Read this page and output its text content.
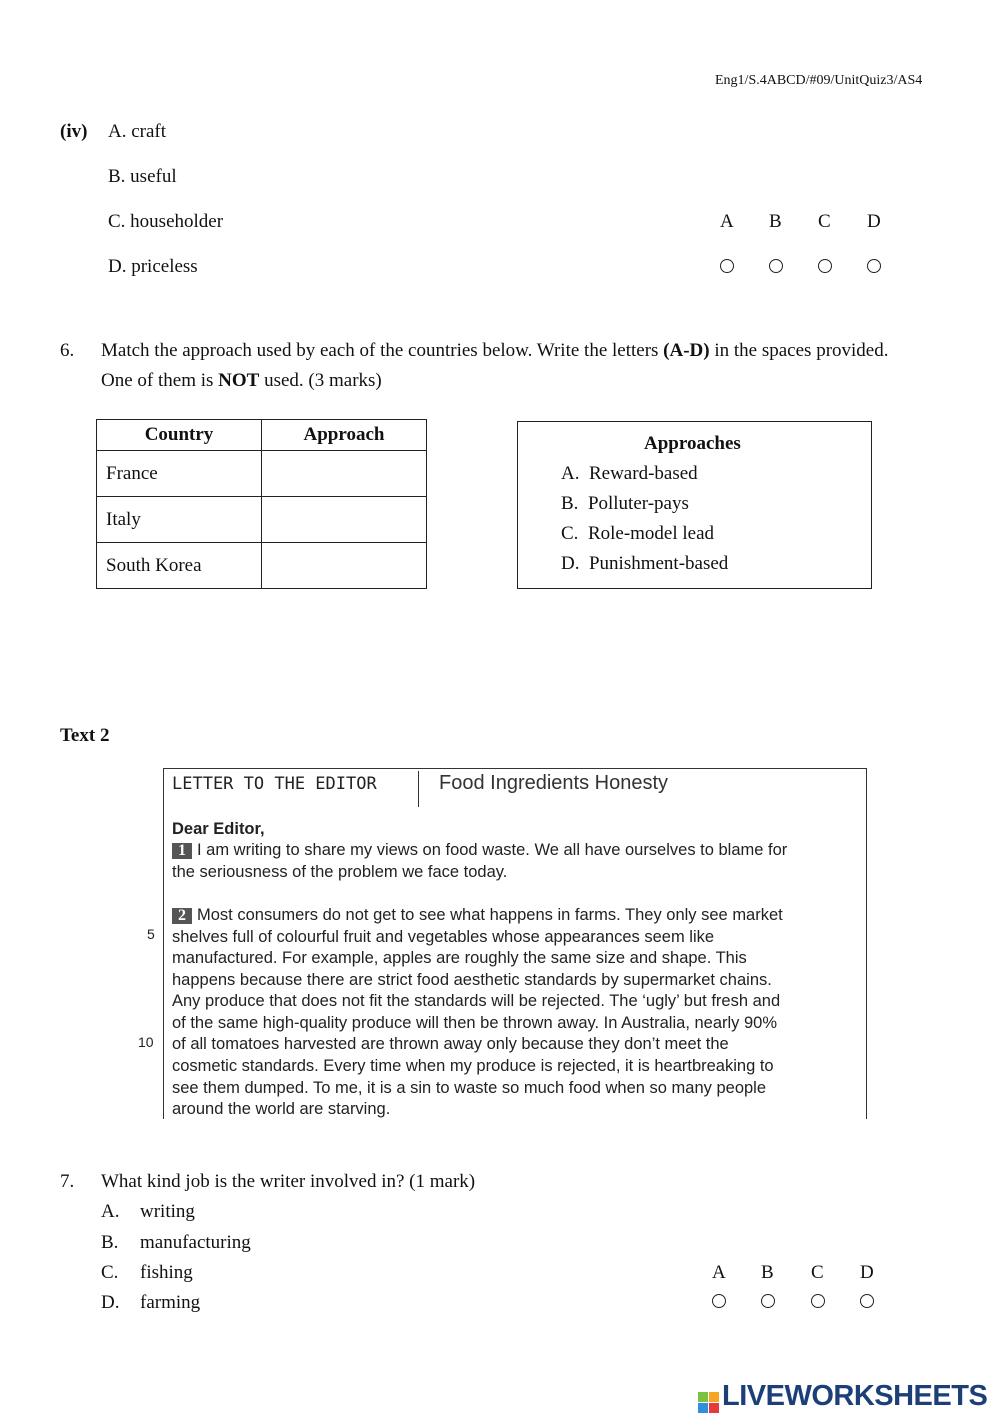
Eng1/S.4ABCD/#09/UnitQuiz3/AS4
(iv) A. craft
B. useful
C. householder
D. priceless
A B C D
6. Match the approach used by each of the countries below. Write the letters (A-D) in the spaces provided.
One of them is NOT used. (3 marks)
Country	Approach
France	
Italy	
South Korea	
Approaches
A. Reward-based
B. Polluter-pays
C. Role-model lead
D. Punishment-based
Text 2
LETTER TO THE EDITOR	Food Ingredients Honesty
Dear Editor,
1 I am writing to share my views on food waste. We all have ourselves to blame for
the seriousness of the problem we face today.
2 Most consumers do not get to see what happens in farms. They only see market
shelves full of colourful fruit and vegetables whose appearances seem like
manufactured. For example, apples are roughly the same size and shape. This
happens because there are strict food aesthetic standards by supermarket chains.
Any produce that does not fit the standards will be rejected. The ‘ugly’ but fresh and
of the same high-quality produce will then be thrown away. In Australia, nearly 90%
of all tomatoes harvested are thrown away only because they don’t meet the
cosmetic standards. Every time when my produce is rejected, it is heartbreaking to
see them dumped. To me, it is a sin to waste so much food when so many people
around the world are starving.
5
10
7. What kind job is the writer involved in? (1 mark)
A. writing
B. manufacturing
C. fishing
D. farming
A B C D
LIVEWORKSHEETS
